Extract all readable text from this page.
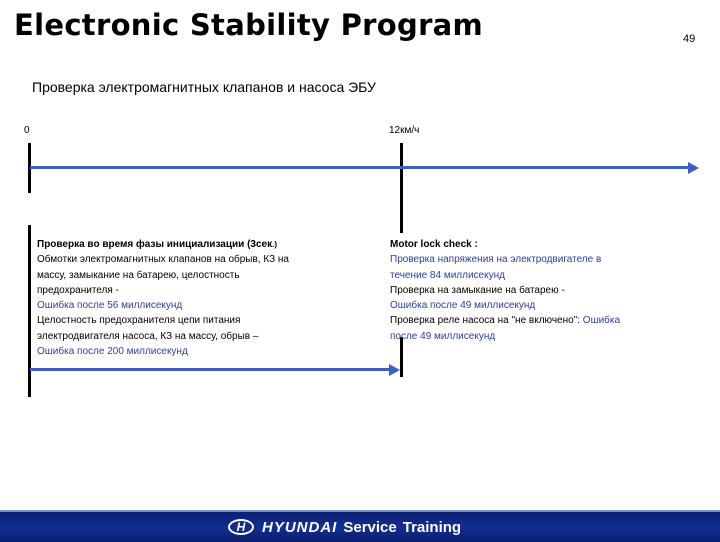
Electronic Stability Program	49
Проверка электромагнитных клапанов и насоса ЭБУ
0	12км/ч
Проверка во время фазы инициализации (3сек.)
Обмотки электромагнитных клапанов на обрыв, КЗ на
массу, замыкание на батарею, целостность
предохранителя -
Ошибка после 56 миллисекунд
Целостность предохранителя цепи питания
электродвигателя насоса, КЗ на массу, обрыв –
Ошибка после 200 миллисекунд
Motor lock check :
Проверка напряжения на электродвигателе в
течение 84 миллисекунд
Проверка на замыкание на батарею -
Ошибка после 49 миллисекунд
Проверка реле насоса на "не включено": Ошибка
после 49 миллисекунд
H	HYUNDAI Service Training
